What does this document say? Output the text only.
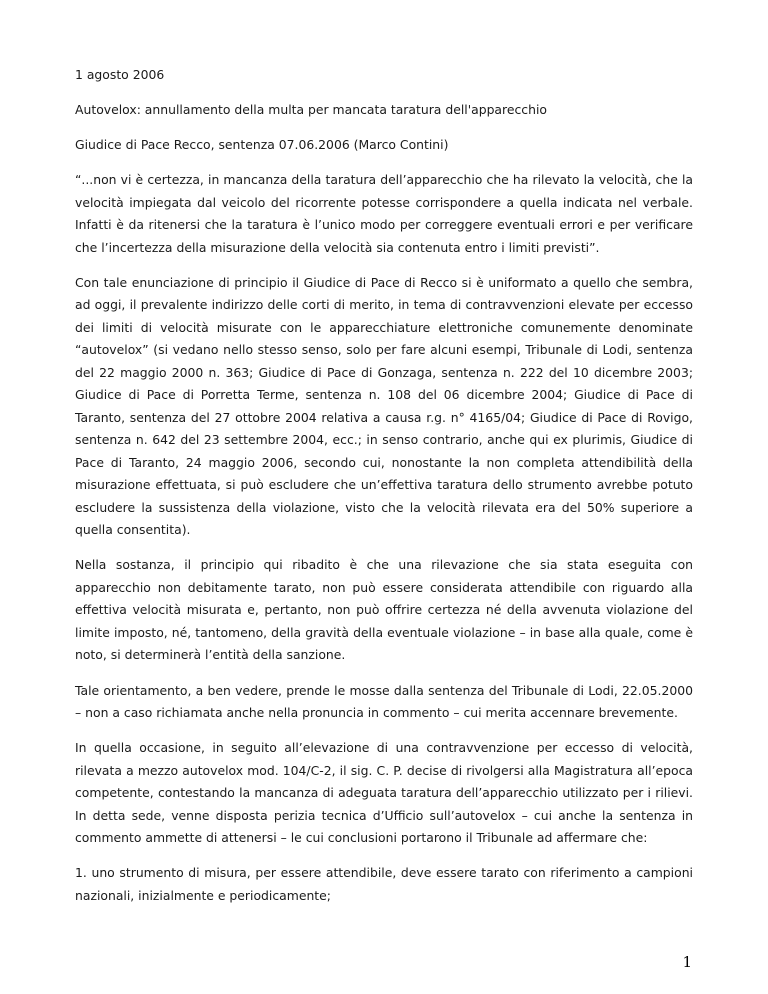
1 agosto 2006

Autovelox: annullamento della multa per mancata taratura dell'apparecchio

Giudice di Pace Recco, sentenza 07.06.2006 (Marco Contini)

“...non vi è certezza, in mancanza della taratura dell’apparecchio che ha rilevato la velocità, che la velocità impiegata dal veicolo del ricorrente potesse corrispondere a quella indicata nel verbale. Infatti è da ritenersi che la taratura è l’unico modo per correggere eventuali errori e per verificare che l’incertezza della misurazione della velocità sia contenuta entro i limiti previsti”.

Con tale enunciazione di principio il Giudice di Pace di Recco si è uniformato a quello che sembra, ad oggi, il prevalente indirizzo delle corti di merito, in tema di contravvenzioni elevate per eccesso dei limiti di velocità misurate con le apparecchiature elettroniche comunemente denominate “autovelox” (si vedano nello stesso senso, solo per fare alcuni esempi, Tribunale di Lodi, sentenza del 22 maggio 2000 n. 363; Giudice di Pace di Gonzaga, sentenza n. 222 del 10 dicembre 2003; Giudice di Pace di Porretta Terme, sentenza n. 108 del 06 dicembre 2004; Giudice di Pace di Taranto, sentenza del 27 ottobre 2004 relativa a causa r.g. n° 4165/04; Giudice di Pace di Rovigo, sentenza n. 642 del 23 settembre 2004, ecc.; in senso contrario, anche qui ex plurimis, Giudice di Pace di Taranto, 24 maggio 2006, secondo cui, nonostante la non completa attendibilità della misurazione effettuata, si può escludere che un’effettiva taratura dello strumento avrebbe potuto escludere la sussistenza della violazione, visto che la velocità rilevata era del 50% superiore a quella consentita).

Nella sostanza, il principio qui ribadito è che una rilevazione che sia stata eseguita con apparecchio non debitamente tarato, non può essere considerata attendibile con riguardo alla effettiva velocità misurata e, pertanto, non può offrire certezza né della avvenuta violazione del limite imposto, né, tantomeno, della gravità della eventuale violazione – in base alla quale, come è noto, si determinerà l’entità della sanzione.

Tale orientamento, a ben vedere, prende le mosse dalla sentenza del Tribunale di Lodi, 22.05.2000 – non a caso richiamata anche nella pronuncia in commento – cui merita accennare brevemente.

In quella occasione, in seguito all’elevazione di una contravvenzione per eccesso di velocità, rilevata a mezzo autovelox mod. 104/C-2, il sig. C. P. decise di rivolgersi alla Magistratura all’epoca competente, contestando la mancanza di adeguata taratura dell’apparecchio utilizzato per i rilievi. In detta sede, venne disposta perizia tecnica d’Ufficio sull’autovelox – cui anche la sentenza in commento ammette di attenersi – le cui conclusioni portarono il Tribunale ad affermare che:

1. uno strumento di misura, per essere attendibile, deve essere tarato con riferimento a campioni nazionali, inizialmente e periodicamente;

1
